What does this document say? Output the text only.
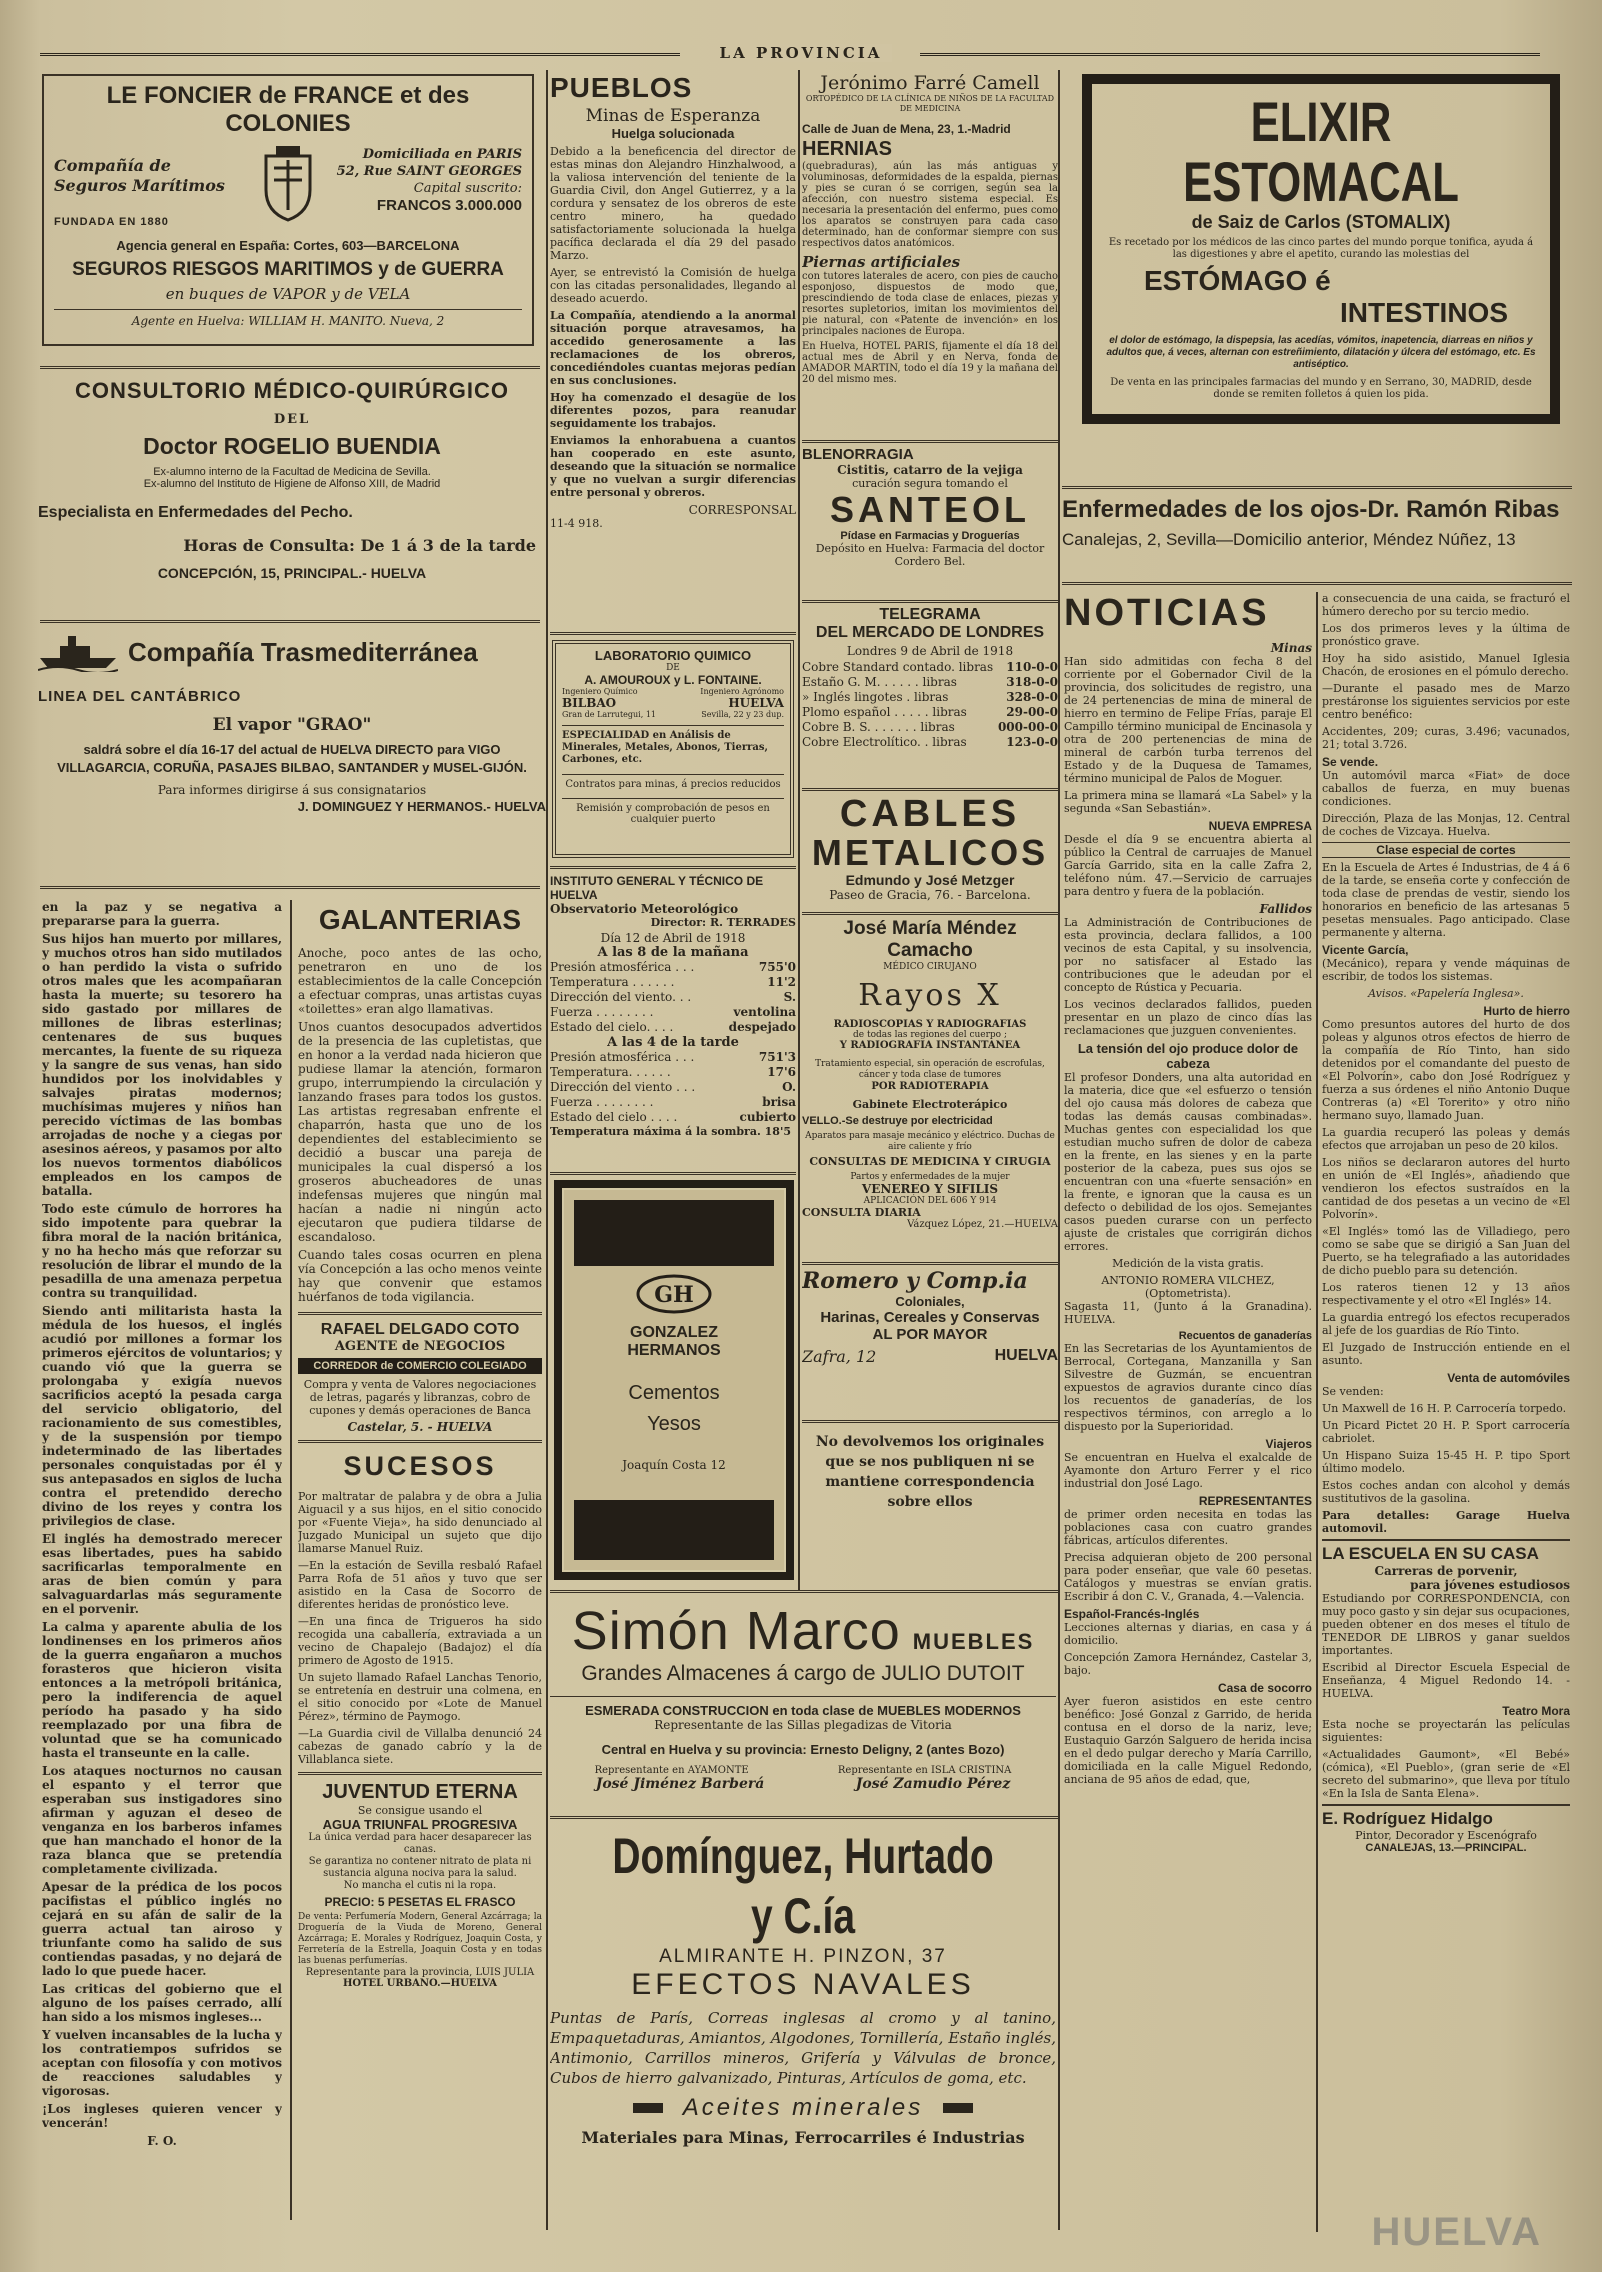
LA PROVINCIA
LE FONCIER de FRANCE et des COLONIES
Compañía de Seguros Marítimos
FUNDADA EN 1880
Domiciliada en PARIS
52, Rue SAINT GEORGES
Capital suscrito:
FRANCOS 3.000.000
Agencia general en España: Cortes, 603—BARCELONA
SEGUROS RIESGOS MARITIMOS y de GUERRA
en buques de VAPOR y de VELA
Agente en Huelva: WILLIAM H. MANITO. Nueva, 2
CONSULTORIO MÉDICO-QUIRÚRGICO
DEL
Doctor ROGELIO BUENDIA
Ex-alumno interno de la Facultad de Medicina de Sevilla.
Ex-alumno del Instituto de Higiene de Alfonso XIII, de Madrid
Especialista en Enfermedades del Pecho.
Horas de Consulta: De 1 á 3 de la tarde
CONCEPCIÓN, 15, PRINCIPAL.- HUELVA
Compañía Trasmediterránea
LINEA DEL CANTÁBRICO
El vapor "GRAO"
saldrá sobre el día 16-17 del actual de HUELVA DIRECTO para VIGO VILLAGARCIA, CORUÑA, PASAJES BILBAO, SANTANDER y MUSEL-GIJÓN.
Para informes dirigirse á sus consignatarios
J. DOMINGUEZ Y HERMANOS.- HUELVA

en la paz y se negativa a prepararse para la guerra.

Sus hijos han muerto por millares, y muchos otros han sido mutilados o han perdido la vista o sufrido otros males que les acompañaran hasta la muerte; su tesorero ha sido gastado por millares de millones de libras esterlinas; centenares de sus buques mercantes, la fuente de su riqueza y la sangre de sus venas, han sido hundidos por los inolvidables y salvajes piratas modernos; muchísimas mujeres y niños han perecido víctimas de las bombas arrojadas de noche y a ciegas por asesinos aéreos, y pasamos por alto los nuevos tormentos diabólicos empleados en los campos de batalla.

Todo este cúmulo de horrores ha sido impotente para quebrar la fibra moral de la nación británica, y no ha hecho más que reforzar su resolución de librar el mundo de la pesadilla de una amenaza perpetua contra su tranquilidad.

Siendo anti militarista hasta la médula de los huesos, el inglés acudió por millones a formar los primeros ejércitos de voluntarios; y cuando vió que la guerra se prolongaba y exigía nuevos sacrificios aceptó la pesada carga del servicio obligatorio, del racionamiento de sus comestibles, y de la suspensión por tiempo indeterminado de las libertades personales conquistadas por él y sus antepasados en siglos de lucha contra el pretendido derecho divino de los reyes y contra los privilegios de clase.

El inglés ha demostrado merecer esas libertades, pues ha sabido sacrificarlas temporalmente en aras de bien común y para salvaguardarlas más seguramente en el porvenir.

La calma y aparente abulia de los londinenses en los primeros años de la guerra engañaron a muchos forasteros que hicieron visita entonces a la metrópoli británica, pero la indiferencia de aquel período ha pasado y ha sido reemplazado por una fibra de voluntad que se ha comunicado hasta el transeunte en la calle.

Los ataques nocturnos no causan el espanto y el terror que esperaban sus instigadores sino afirman y aguzan el deseo de venganza en los barberos infames que han manchado el honor de la raza blanca que se pretendía completamente civilizada.

Apesar de la prédica de los pocos pacifistas el público inglés no cejará en su afán de salir de la guerra actual tan airoso y triunfante como ha salido de sus contiendas pasadas, y no dejará de lado lo que puede hacer.

Las criticas del gobierno que el alguno de los países cerrado, allí han sido a los mismos ingleses...

Y vuelven incansables de la lucha y los contratiempos sufridos se aceptan con filosofía y con motivos de reacciones saludables y vigorosas.

¡Los ingleses quieren vencer y vencerán!

F. O.

GALANTERIAS

Anoche, poco antes de las ocho, penetraron en uno de los establecimientos de la calle Concepción a efectuar compras, unas artistas cuyas «toilettes» eran algo llamativas.

Unos cuantos desocupados advertidos de la presencia de las cupletistas, que en honor a la verdad nada hicieron que pudiese llamar la atención, formaron grupo, interrumpiendo la circulación y lanzando frases para todos los gustos. Las artistas regresaban enfrente el chaparrón, hasta que uno de los dependientes del establecimiento se decidió a buscar una pareja de municipales la cual dispersó a los groseros abucheadores de unas indefensas mujeres que ningún mal hacían a nadie ni ningún acto ejecutaron que pudiera tildarse de escandaloso.

Cuando tales cosas ocurren en plena vía Concepción a las ocho menos veinte hay que convenir que estamos huérfanos de toda vigilancia.

RAFAEL DELGADO COTO
AGENTE de NEGOCIOS
CORREDOR de COMERCIO COLEGIADO
Compra y venta de Valores negociaciones de letras, pagarés y libranzas, cobro de cupones y demás operaciones de Banca
Castelar, 5. - HUELVA
SUCESOS

Por maltratar de palabra y de obra a Julia Aiguacil y a sus hijos, en el sitio conocido por «Fuente Vieja», ha sido denunciado al Juzgado Municipal un sujeto que dijo llamarse Manuel Ruiz.

—En la estación de Sevilla resbaló Rafael Parra Rofa de 51 años y tuvo que ser asistido en la Casa de Socorro de diferentes heridas de pronóstico leve.

—En una finca de Trigueros ha sido recogida una caballería, extraviada a un vecino de Chapalejo (Badajoz) el día primero de Agosto de 1915.

Un sujeto llamado Rafael Lanchas Tenorio, se entretenía en destruir una colmena, en el sitio conocido por «Lote de Manuel Pérez», término de Paymogo.

—La Guardia civil de Villalba denunció 24 cabezas de ganado cabrío y la de Villablanca siete.

JUVENTUD ETERNA
Se consigue usando el
AGUA TRIUNFAL PROGRESIVA
La única verdad para hacer desaparecer las canas.
Se garantiza no contener nitrato de plata ni sustancia alguna nociva para la salud.
No mancha el cutis ni la ropa.
PRECIO: 5 PESETAS EL FRASCO
De venta: Perfumería Modern, General Azcárraga; la Droguería de la Viuda de Moreno, General Azcárraga; E. Morales y Rodríguez, Joaquin Costa, y Ferretería de la Estrella, Joaquin Costa y en todas las buenas perfumerías.
Representante para la provincia, LUIS JULIA
HOTEL URBANO.—HUELVA
PUEBLOS
Minas de Esperanza
Huelga solucionada

Debido a la beneficencia del director de estas minas don Alejandro Hinzhalwood, a la valiosa intervención del teniente de la Guardia Civil, don Angel Gutierrez, y a la cordura y sensatez de los obreros de este centro minero, ha quedado satisfactoriamente solucionada la huelga pacífica declarada el día 29 del pasado Marzo.

Ayer, se entrevistó la Comisión de huelga con las citadas personalidades, llegando al deseado acuerdo.

La Compañía, atendiendo a la anormal situación porque atravesamos, ha accedido generosamente a las reclamaciones de los obreros, concediéndoles cuantas mejoras pedían en sus conclusiones.

Hoy ha comenzado el desagüe de los diferentes pozos, para reanudar seguidamente los trabajos.

Enviamos la enhorabuena a cuantos han cooperado en este asunto, deseando que la situación se normalice y que no vuelvan a surgir diferencias entre personal y obreros.

CORRESPONSAL
11-4 918.
LABORATORIO QUIMICO
DE
A. AMOUROUX y L. FONTAINE.
Ingeniero Químico	Ingeniero Agrónomo
BILBAO	HUELVA
Gran de Larrutegui, 11	Sevilla, 22 y 23 dup.
ESPECIALIDAD en Análisis de Minerales, Metales, Abonos, Tierras, Carbones, etc.
Contratos para minas, á precios reducidos
Remisión y comprobación de pesos en cualquier puerto
INSTITUTO GENERAL Y TÉCNICO DE HUELVA
Observatorio Meteorológico
Director: R. TERRADES
Día 12 de Abril de 1918
A las 8 de la mañana
Presión atmosférica . . .	755'0
Temperatura . . . . . .	11'2
Dirección del viento. . .	S.
Fuerza . . . . . . . .	ventolina
Estado del cielo. . . .	despejado
A las 4 de la tarde
Presión atmosférica . . .	751'3
Temperatura. . . . . .	17'6
Dirección del viento . . .	O.
Fuerza . . . . . . . .	brisa
Estado del cielo . . . .	cubierto
Temperatura máxima á la sombra. 18'5
GH
GONZALEZ
HERMANOS
Cementos
Yesos
Joaquín Costa 12
Jerónimo Farré Camell
ORTOPÉDICO DE LA CLÍNICA DE NIÑOS DE LA FACULTAD DE MEDICINA
Calle de Juan de Mena, 23, 1.-Madrid
HERNIAS

(quebraduras), aún las más antiguas y voluminosas, deformidades de la espalda, piernas y pies se curan ó se corrigen, según sea la afección, con nuestro sistema especial. Es necesaria la presentación del enfermo, pues como los aparatos se construyen para cada caso determinado, han de conformar siempre con sus respectivos datos anatómicos.

Piernas artificiales

con tutores laterales de acero, con pies de caucho esponjoso, dispuestos de modo que, prescindiendo de toda clase de enlaces, piezas y resortes supletorios, imitan los movimientos del pie natural, con «Patente de invención» en los principales naciones de Europa.

En Huelva, HOTEL PARIS, fijamente el día 18 del actual mes de Abril y en Nerva, fonda de AMADOR MARTIN, todo el día 19 y la mañana del 20 del mismo mes.

BLENORRAGIA
Cistitis, catarro de la vejiga
curación segura tomando el
SANTEOL
Pídase en Farmacias y Droguerías
Depósito en Huelva: Farmacia del doctor Cordero Bel.
TELEGRAMA
DEL MERCADO DE LONDRES
Londres 9 de Abril de 1918
Cobre Standard contado. libras 110-0-0
Estaño G. M. . . . . . libras	318-0-0
» Inglés lingotes . libras	328-0-0
Plomo español . . . . . libras	29-00-0
Cobre B. S. . . . . . . libras	000-00-0
Cobre Electrolítico. . libras	123-0-0
CABLES
METALICOS
Edmundo y José Metzger
Paseo de Gracia, 76. - Barcelona.
José María Méndez Camacho
MÉDICO CIRUJANO
Rayos X
RADIOSCOPIAS Y RADIOGRAFIAS
de todas las regiones del cuerpo ;
Y RADIOGRAFIA INSTANTANEA
Tratamiento especial, sin operación de escrofulas, cáncer y toda clase de tumores
POR RADIOTERAPIA
Gabinete Electroterápico
VELLO.-Se destruye por electricidad
Aparatos para masaje mecánico y eléctrico. Duchas de aire caliente y frío
CONSULTAS DE MEDICINA Y CIRUGIA
Partos y enfermedades de la mujer
VENEREO Y SIFILIS
APLICACIÓN DEL 606 Y 914
CONSULTA DIARIA
Vázquez López, 21.—HUELVA
Romero y Comp.ia
Coloniales,
Harinas, Cereales y Conservas
AL POR MAYOR
Zafra, 12	HUELVA
No devolvemos los originales que se nos publiquen ni se mantiene correspondencia sobre ellos
Simón Marco MUEBLES
Grandes Almacenes á cargo de JULIO DUTOIT
ESMERADA CONSTRUCCION en toda clase de MUEBLES MODERNOS
Representante de las Sillas plegadizas de Vitoria
Central en Huelva y su provincia: Ernesto Deligny, 2 (antes Bozo)
Representante en AYAMONTE	Representante en ISLA CRISTINA
José Jiménez Barberá	José Zamudio Pérez
Domínguez, Hurtado y C.ía
ALMIRANTE H. PINZON, 37
EFECTOS NAVALES
Puntas de París, Correas inglesas al cromo y al tanino, Empaquetaduras, Amiantos, Algodones, Tornillería, Estaño inglés, Antimonio, Carrillos mineros, Grifería y Válvulas de bronce, Cubos de hierro galvanizado, Pinturas, Artículos de goma, etc.
Aceites minerales
Materiales para Minas, Ferrocarriles é Industrias
ELIXIR ESTOMACAL
de Saiz de Carlos (STOMALIX)
Es recetado por los médicos de las cinco partes del mundo porque tonifica, ayuda á las digestiones y abre el apetito, curando las molestias del
ESTÓMAGO é
INTESTINOS
el dolor de estómago, la dispepsia, las acedías, vómitos, inapetencia, diarreas en niños y adultos que, á veces, alternan con estreñimiento, dilatación y úlcera del estómago, etc. Es antiséptico.
De venta en las principales farmacias del mundo y en Serrano, 30, MADRID, desde donde se remiten folletos á quien los pida.
Enfermedades de los ojos-Dr. Ramón Ribas
Canalejas, 2, Sevilla—Domicilio anterior, Méndez Núñez, 13
NOTICIAS
Minas

Han sido admitidas con fecha 8 del corriente por el Gobernador Civil de la provincia, dos solicitudes de registro, una de 24 pertenencias de mina de mineral de hierro en termino de Felipe Frías, paraje El Campillo término municipal de Encinasola y otra de 200 pertenencias de mina de mineral de carbón turba terrenos del Estado y de la Duquesa de Tamames, término municipal de Palos de Moguer.

La primera mina se llamará «La Sabel» y la segunda «San Sebastián».

NUEVA EMPRESA

Desde el día 9 se encuentra abierta al público la Central de carruajes de Manuel García Garrido, sita en la calle Zafra 2, teléfono núm. 47.—Servicio de carruajes para dentro y fuera de la población.

Fallidos

La Administración de Contribuciones de esta provincia, declara fallidos, a 100 vecinos de esta Capital, y su insolvencia, por no satisfacer al Estado las contribuciones que le adeudan por el concepto de Rústica y Pecuaria.

Los vecinos declarados fallidos, pueden presentar en un plazo de cinco días las reclamaciones que juzguen convenientes.

La tensión del ojo produce dolor de cabeza

El profesor Donders, una alta autoridad en la materia, dice que «el esfuerzo o tensión del ojo causa más dolores de cabeza que todas las demás causas combinadas». Muchas gentes con especialidad los que estudian mucho sufren de dolor de cabeza en la frente, en las sienes y en la parte posterior de la cabeza, pues sus ojos se encuentran con una «fuerte sensación» en la frente, e ignoran que la causa es un defecto o debilidad de los ojos. Semejantes casos pueden curarse con un perfecto ajuste de cristales que corrigirán dichos errores.

Medición de la vista gratis.

ANTONIO ROMERA VILCHEZ,
(Optometrista).

Sagasta 11, (Junto á la Granadina). HUELVA.

Recuentos de ganaderías

En las Secretarias de los Ayuntamientos de Berrocal, Cortegana, Manzanilla y San Silvestre de Guzmán, se encuentran expuestos de agravios durante cinco días los recuentos de ganaderías, de los respectivos términos, con arreglo a lo dispuesto por la Superioridad.

Viajeros

Se encuentran en Huelva el exalcalde de Ayamonte don Arturo Ferrer y el rico industrial don José Lago.

REPRESENTANTES

de primer orden necesita en todas las poblaciones casa con cuatro grandes fábricas, artículos diferentes.

Precisa adquieran objeto de 200 personal para poder enseñar, que vale 60 pesetas. Catálogos y muestras se envían gratis. Escribir á don C. V., Granada, 4.—Valencia.

Español-Francés-Inglés

Lecciones alternas y diarias, en casa y á domicilio.

Concepción Zamora Hernández, Castelar 3, bajo.

Casa de socorro

Ayer fueron asistidos en este centro benéfico: José Gonzal z Garrido, de herida contusa en el dorso de la nariz, leve; Eustaquio Garzón Salguero de herida incisa en el dedo pulgar derecho y María Carrillo, domiciliada en la calle Miguel Redondo, anciana de 95 años de edad, que,

a consecuencia de una caida, se fracturó el húmero derecho por su tercio medio.

Los dos primeros leves y la última de pronóstico grave.

Hoy ha sido asistido, Manuel Iglesia Chacón, de erosiones en el pómulo derecho.

—Durante el pasado mes de Marzo prestáronse los siguientes servicios por este centro benéfico:

Accidentes, 209; curas, 3.496; vacunados, 21; total 3.726.

Se vende.

Un automóvil marca «Fiat» de doce caballos de fuerza, en muy buenas condiciones.

Dirección, Plaza de las Monjas, 12. Central de coches de Vizcaya. Huelva.

Clase especial de cortes

En la Escuela de Artes é Industrias, de 4 á 6 de la tarde, se enseña corte y confección de toda clase de prendas de vestir, siendo los honorarios en beneficio de las artesanas 5 pesetas mensuales. Pago anticipado. Clase permanente y alterna.

Vicente García,

(Mecánico), repara y vende máquinas de escribir, de todos los sistemas.

Avisos. «Papelería Inglesa».

Hurto de hierro

Como presuntos autores del hurto de dos poleas y algunos otros efectos de hierro de la compañía de Río Tinto, han sido detenidos por el comandante del puesto de «El Polvorín», cabo don José Rodríguez y fuerza a sus órdenes el niño Antonio Duque Contreras (a) «El Torerito» y otro niño hermano suyo, llamado Juan.

La guardia recuperó las poleas y demás efectos que arrojaban un peso de 20 kilos.

Los niños se declararon autores del hurto en unión de «El Inglés», añadiendo que vendieron los efectos sustraídos en la cantidad de dos pesetas a un vecino de «El Polvorín».

«El Inglés» tomó las de Villadiego, pero como se sabe que se dirigió a San Juan del Puerto, se ha telegrafiado a las autoridades de dicho pueblo para su detención.

Los rateros tienen 12 y 13 años respectivamente y el otro «El Inglés» 14.

La guardia entregó los efectos recuperados al jefe de los guardias de Río Tinto.

El Juzgado de Instrucción entiende en el asunto.

Venta de automóviles

Se venden:

Un Maxwell de 16 H. P. Carrocería torpedo.

Un Picard Pictet 20 H. P. Sport carrocería cabriolet.

Un Hispano Suiza 15-45 H. P. tipo Sport último modelo.

Estos coches andan con alcohol y demás sustitutivos de la gasolina.

Para detalles: Garage Huelva automovil.

LA ESCUELA EN SU CASA
Carreras de porvenir,
para jóvenes estudiosos

Estudiando por CORRESPONDENCIA, con muy poco gasto y sin dejar sus ocupaciones, pueden obtener en dos meses el título de TENEDOR DE LIBROS y ganar sueldos importantes.

Escribid al Director Escuela Especial de Enseñanza, 4 Miguel Redondo 14. - HUELVA.

Teatro Mora

Esta noche se proyectarán las películas siguientes:

«Actualidades Gaumont», «El Bebé» (cómica), «El Pueblo», (gran serie de «El secreto del submarino», que lleva por título «En la Isla de Santa Elena».

E. Rodríguez Hidalgo
Pintor, Decorador y Escenógrafo
CANALEJAS, 13.—PRINCIPAL.
HUELVA
